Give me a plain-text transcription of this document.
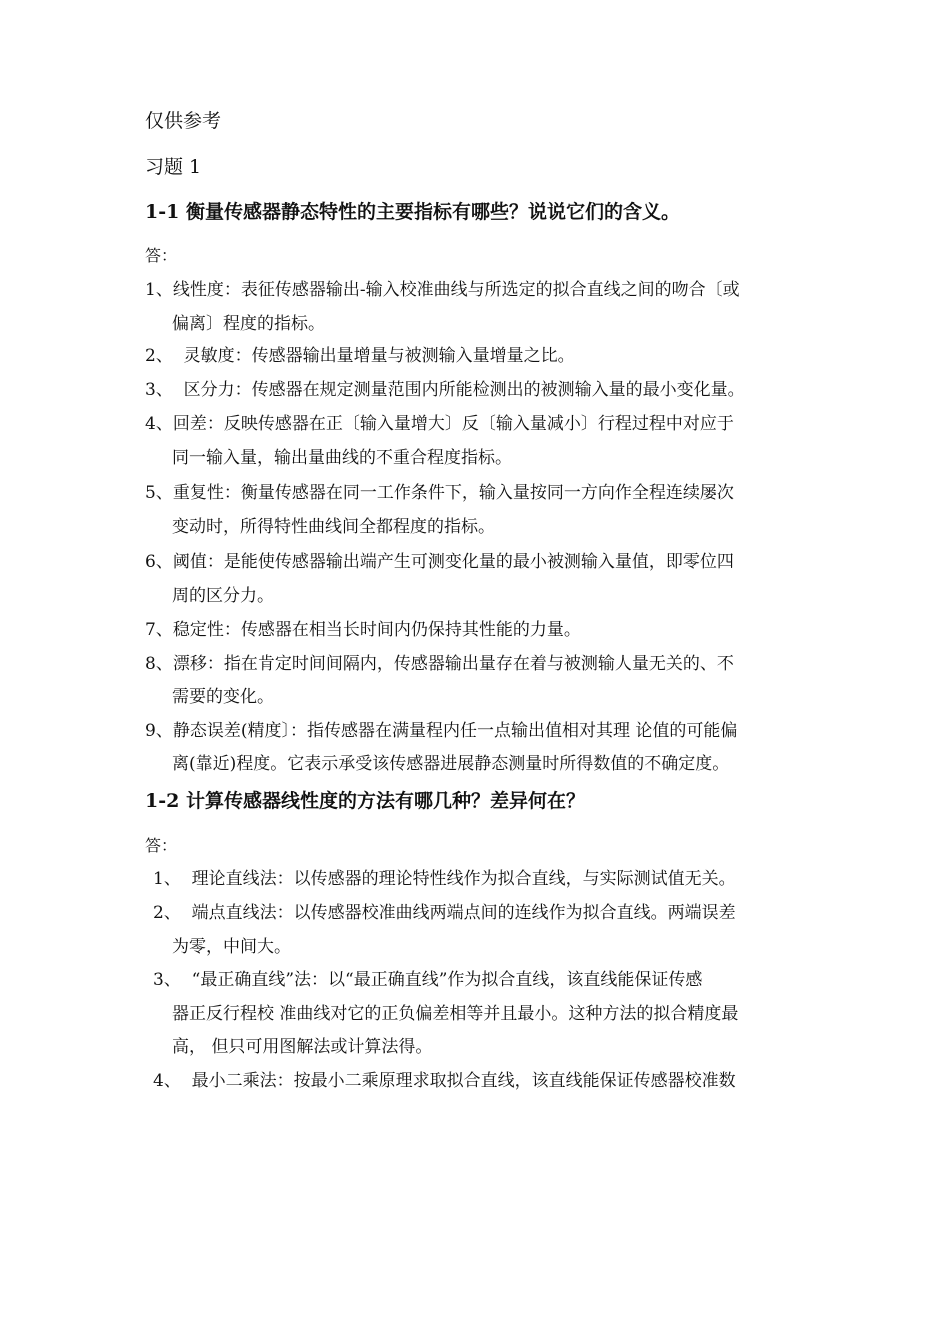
仅供参考
习题 1
1-1 衡量传感器静态特性的主要指标有哪些？说说它们的含义。
答：
1、线性度：表征传感器输出-输入校准曲线与所选定的拟合直线之间的吻合〔或
偏离〕程度的指标。
2、 灵敏度：传感器输出量增量与被测输入量增量之比。
3、 区分力：传感器在规定测量范围内所能检测出的被测输入量的最小变化量。
4、回差：反映传感器在正〔输入量增大〕反〔输入量减小〕行程过程中对应于
同一输入量，输出量曲线的不重合程度指标。
5、重复性：衡量传感器在同一工作条件下，输入量按同一方向作全程连续屡次
变动时，所得特性曲线间全都程度的指标。
6、阈值：是能使传感器输出端产生可测变化量的最小被测输入量值，即零位四
周的区分力。
7、稳定性：传感器在相当长时间内仍保持其性能的力量。
8、漂移：指在肯定时间间隔内，传感器输出量存在着与被测输人量无关的、不
需要的变化。
9、静态误差(精度〕：指传感器在满量程内任一点输出值相对其理 论值的可能偏
离(靠近)程度。它表示承受该传感器进展静态测量时所得数值的不确定度。
1-2 计算传感器线性度的方法有哪几种？差异何在？
答：
1、 理论直线法：以传感器的理论特性线作为拟合直线，与实际测试值无关。
2、 端点直线法：以传感器校准曲线两端点间的连线作为拟合直线。两端误差
为零，中间大。
3、 “最正确直线”法：以“最正确直线”作为拟合直线，该直线能保证传感
器正反行程校 准曲线对它的正负偏差相等并且最小。这种方法的拟合精度最
高， 但只可用图解法或计算法得。
4、 最小二乘法：按最小二乘原理求取拟合直线，该直线能保证传感器校准数
